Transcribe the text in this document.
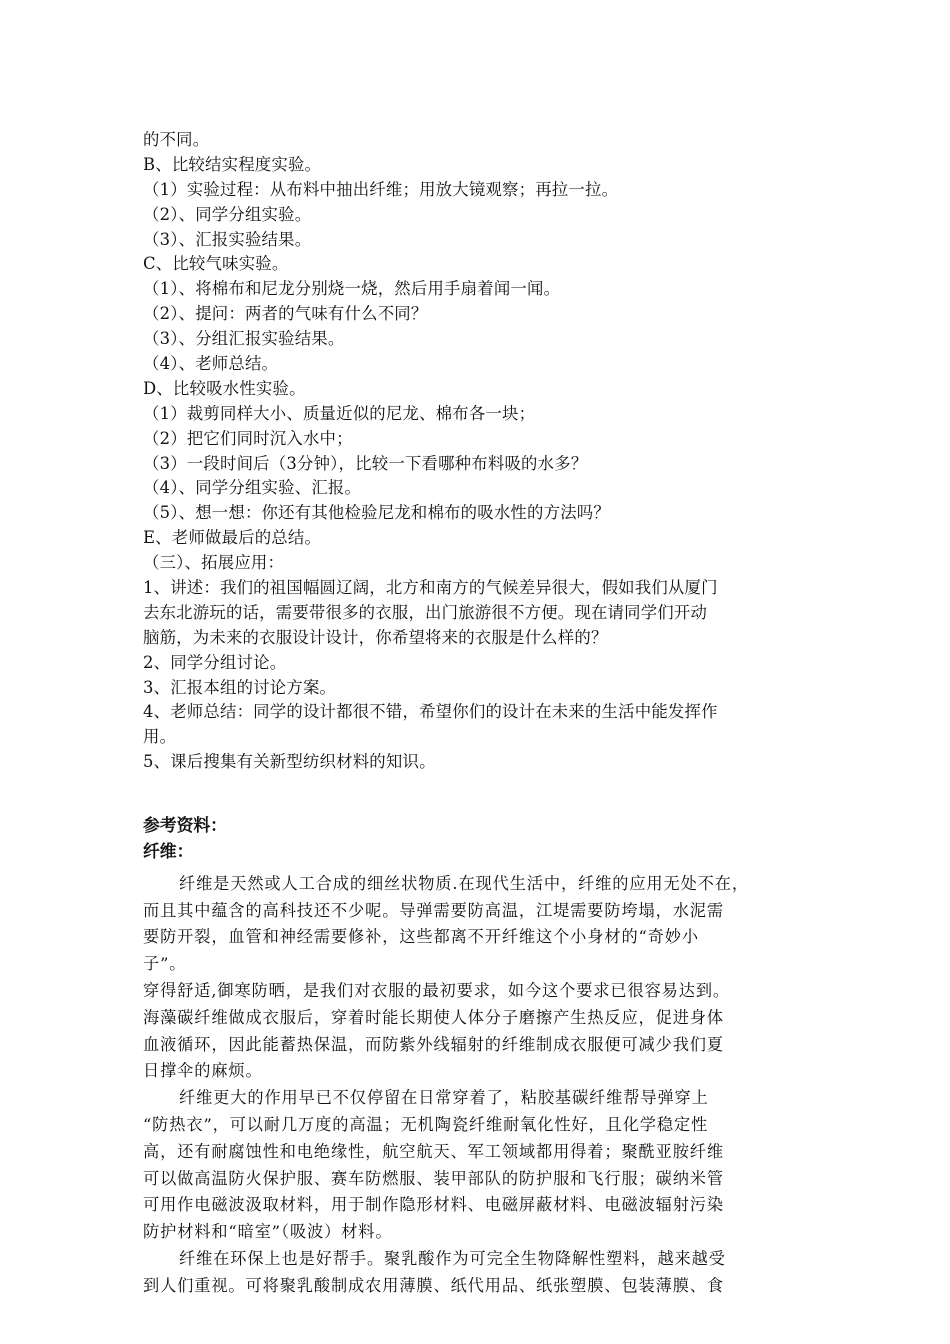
的不同。
B、比较结实程度实验。
（1）实验过程：从布料中抽出纤维；用放大镜观察；再拉一拉。
（2）、同学分组实验。
（3）、汇报实验结果。
C、比较气味实验。
（1）、将棉布和尼龙分别烧一烧，然后用手扇着闻一闻。
（2）、提问：两者的气味有什么不同？
（3）、分组汇报实验结果。
（4）、老师总结。
D、比较吸水性实验。
（1）裁剪同样大小、质量近似的尼龙、棉布各一块；
（2）把它们同时沉入水中；
（3）一段时间后（3分钟），比较一下看哪种布料吸的水多？
（4）、同学分组实验、汇报。
（5）、想一想：你还有其他检验尼龙和棉布的吸水性的方法吗？
E、老师做最后的总结。
（三）、拓展应用：
1、讲述：我们的祖国幅圆辽阔，北方和南方的气候差异很大，假如我们从厦门
去东北游玩的话，需要带很多的衣服，出门旅游很不方便。现在请同学们开动
脑筋，为未来的衣服设计设计，你希望将来的衣服是什么样的？
2、同学分组讨论。
3、汇报本组的讨论方案。
4、老师总结：同学的设计都很不错，希望你们的设计在未来的生活中能发挥作
用。
5、课后搜集有关新型纺织材料的知识。
参考资料：
纤维：
纤维是天然或人工合成的细丝状物质.在现代生活中，纤维的应用无处不在，
而且其中蕴含的高科技还不少呢。导弹需要防高温，江堤需要防垮塌，水泥需
要防开裂，血管和神经需要修补，这些都离不开纤维这个小身材的“奇妙小
子”。
穿得舒适,御寒防晒，是我们对衣服的最初要求，如今这个要求已很容易达到。
海藻碳纤维做成衣服后，穿着时能长期使人体分子磨擦产生热反应，促进身体
血液循环，因此能蓄热保温，而防紫外线辐射的纤维制成衣服便可减少我们夏
日撑伞的麻烦。
纤维更大的作用早已不仅停留在日常穿着了，粘胶基碳纤维帮导弹穿上
“防热衣”，可以耐几万度的高温；无机陶瓷纤维耐氧化性好，且化学稳定性
高，还有耐腐蚀性和电绝缘性，航空航天、军工领域都用得着；聚酰亚胺纤维
可以做高温防火保护服、赛车防燃服、装甲部队的防护服和飞行服；碳纳米管
可用作电磁波汲取材料，用于制作隐形材料、电磁屏蔽材料、电磁波辐射污染
防护材料和“暗室”（吸波）材料。
纤维在环保上也是好帮手。聚乳酸作为可完全生物降解性塑料，越来越受
到人们重视。可将聚乳酸制成农用薄膜、纸代用品、纸张塑膜、包装薄膜、食
